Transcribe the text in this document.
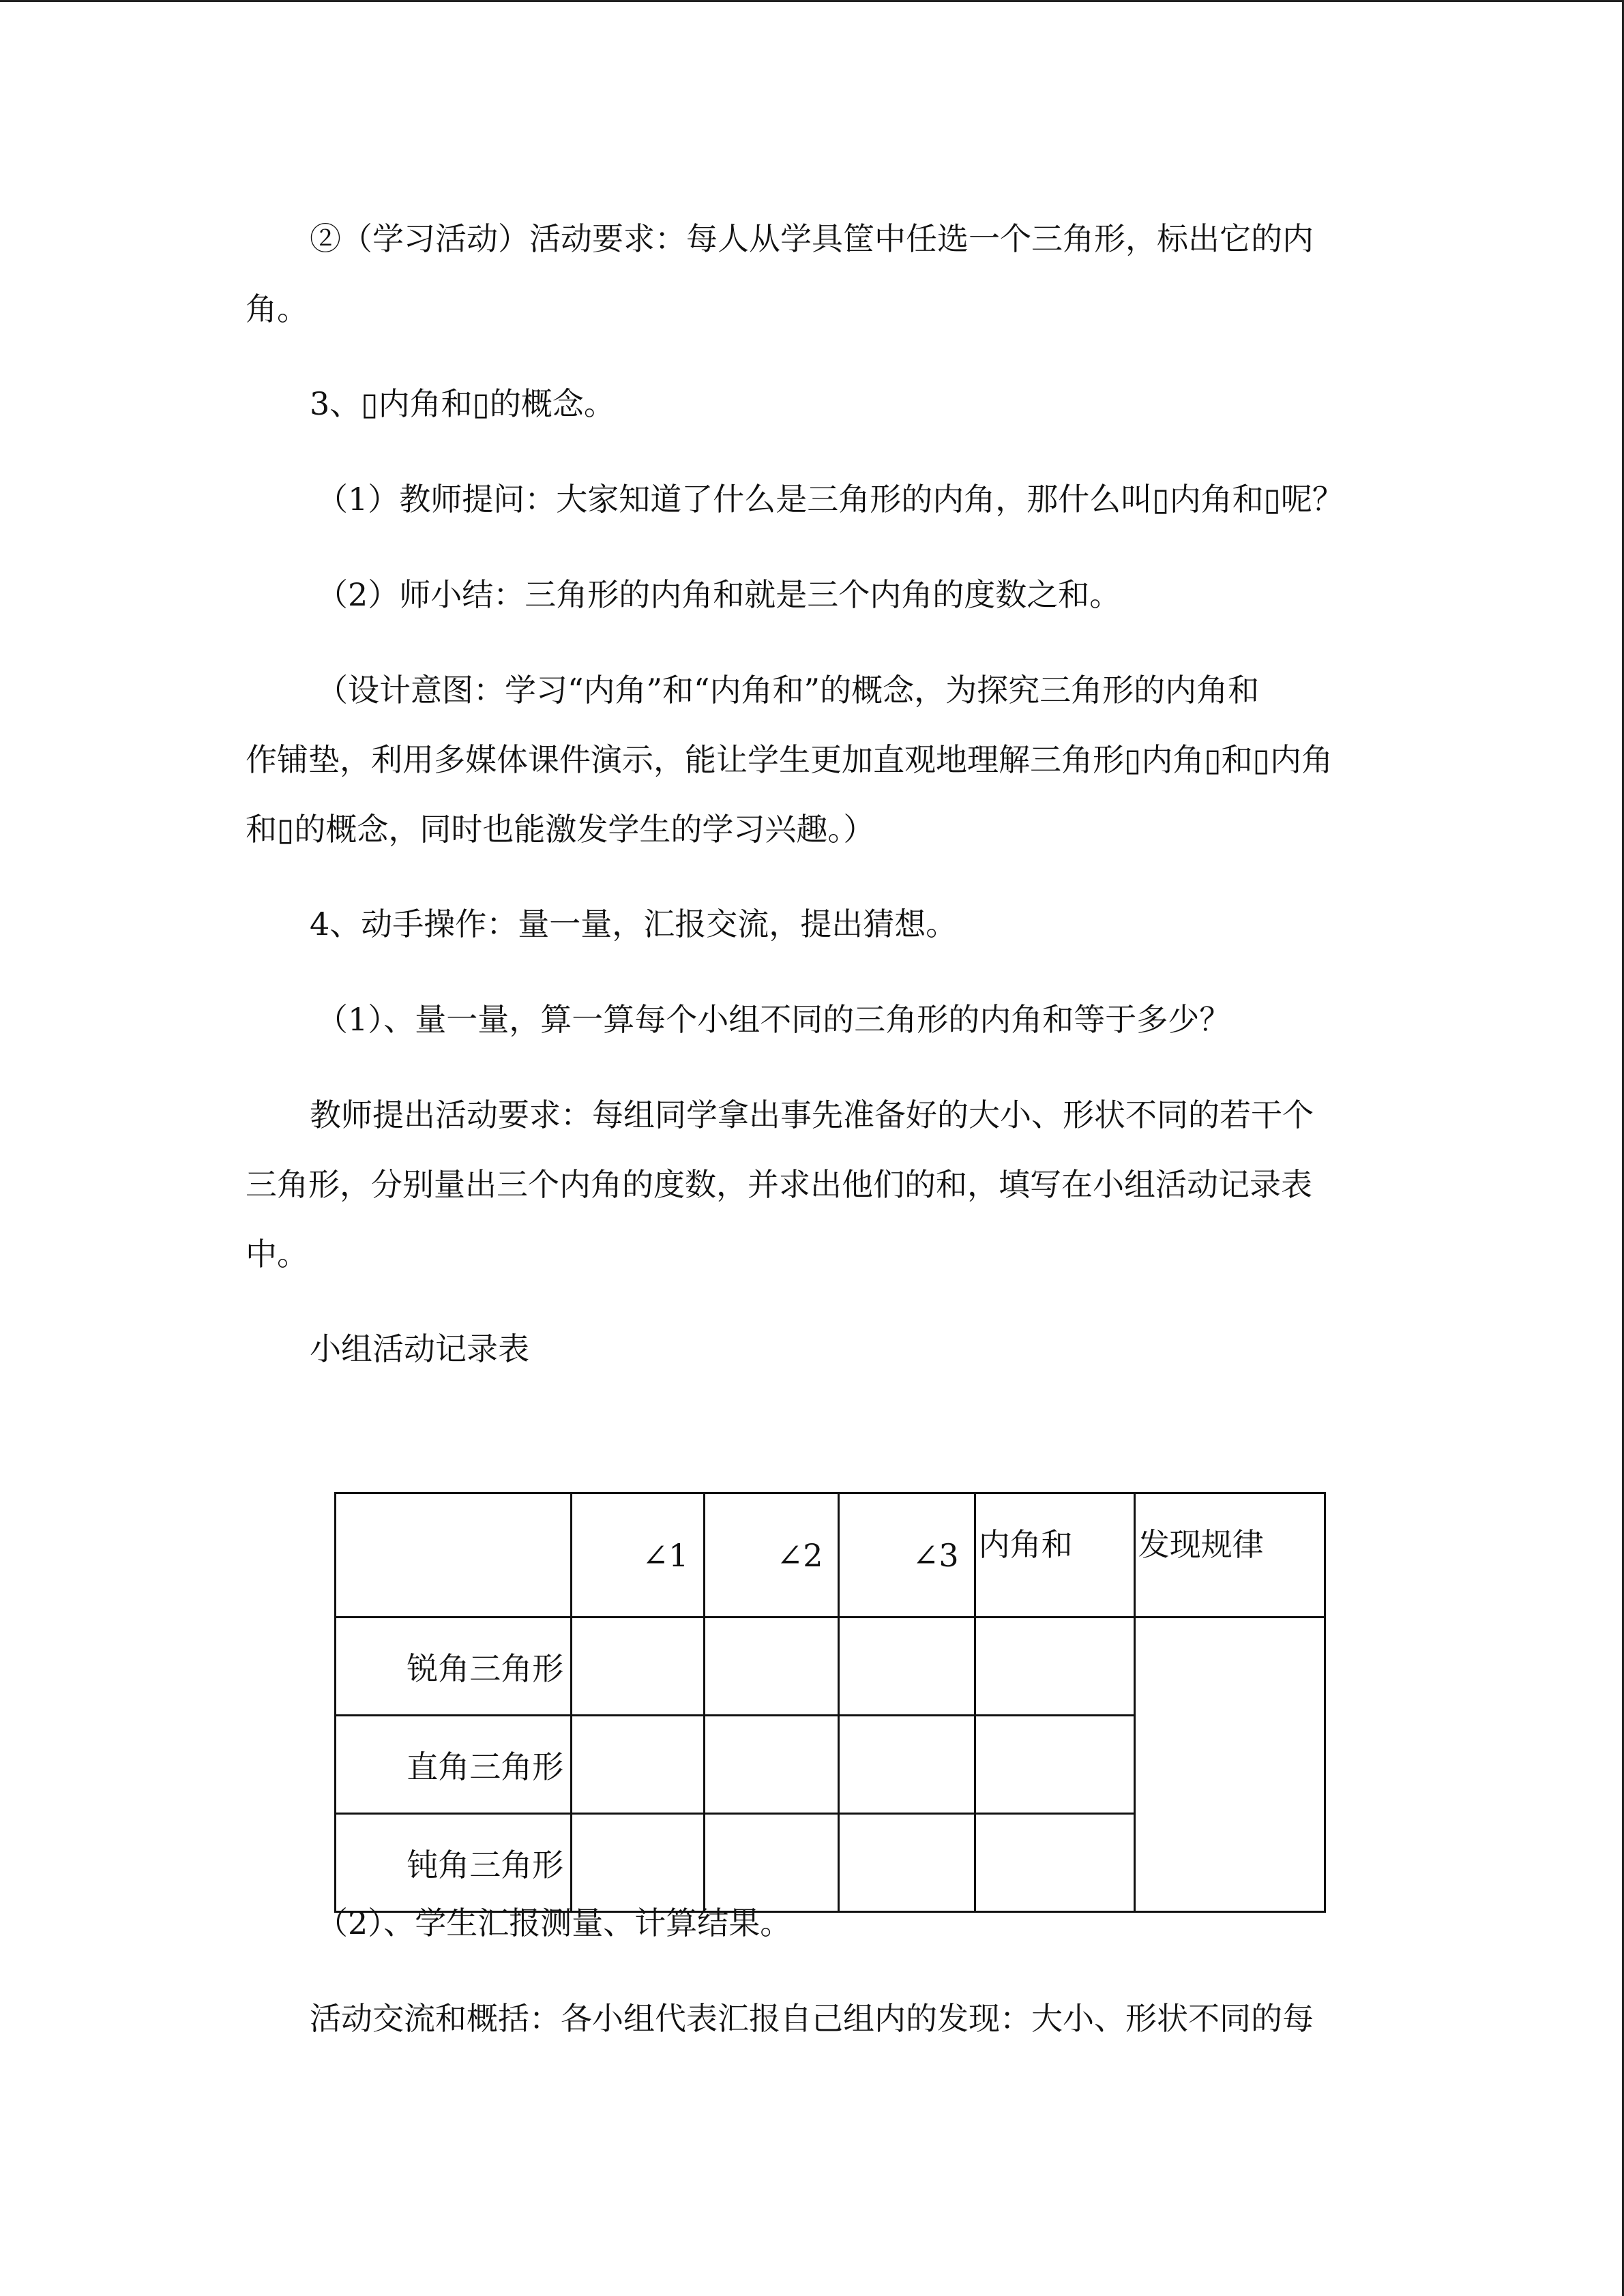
②（学习活动）活动要求：每人从学具筐中任选一个三角形，标出它的内

角。

3、▯内角和▯的概念。

（1）教师提问：大家知道了什么是三角形的内角，那什么叫▯内角和▯呢？

（2）师小结：三角形的内角和就是三个内角的度数之和。

（设计意图：学习“内角”和“内角和”的概念，为探究三角形的内角和

作铺垫，利用多媒体课件演示，能让学生更加直观地理解三角形▯内角▯和▯内角

和▯的概念，同时也能激发学生的学习兴趣。）

4、动手操作：量一量，汇报交流，提出猜想。

（1）、量一量，算一算每个小组不同的三角形的内角和等于多少？

教师提出活动要求：每组同学拿出事先准备好的大小、形状不同的若干个

三角形，分别量出三个内角的度数，并求出他们的和，填写在小组活动记录表

中。

小组活动记录表

	∠1	∠2	∠3	内角和	发现规律
锐角三角形					
直角三角形					
钝角三角形					

（2）、学生汇报测量、计算结果。

活动交流和概括：各小组代表汇报自己组内的发现：大小、形状不同的每
